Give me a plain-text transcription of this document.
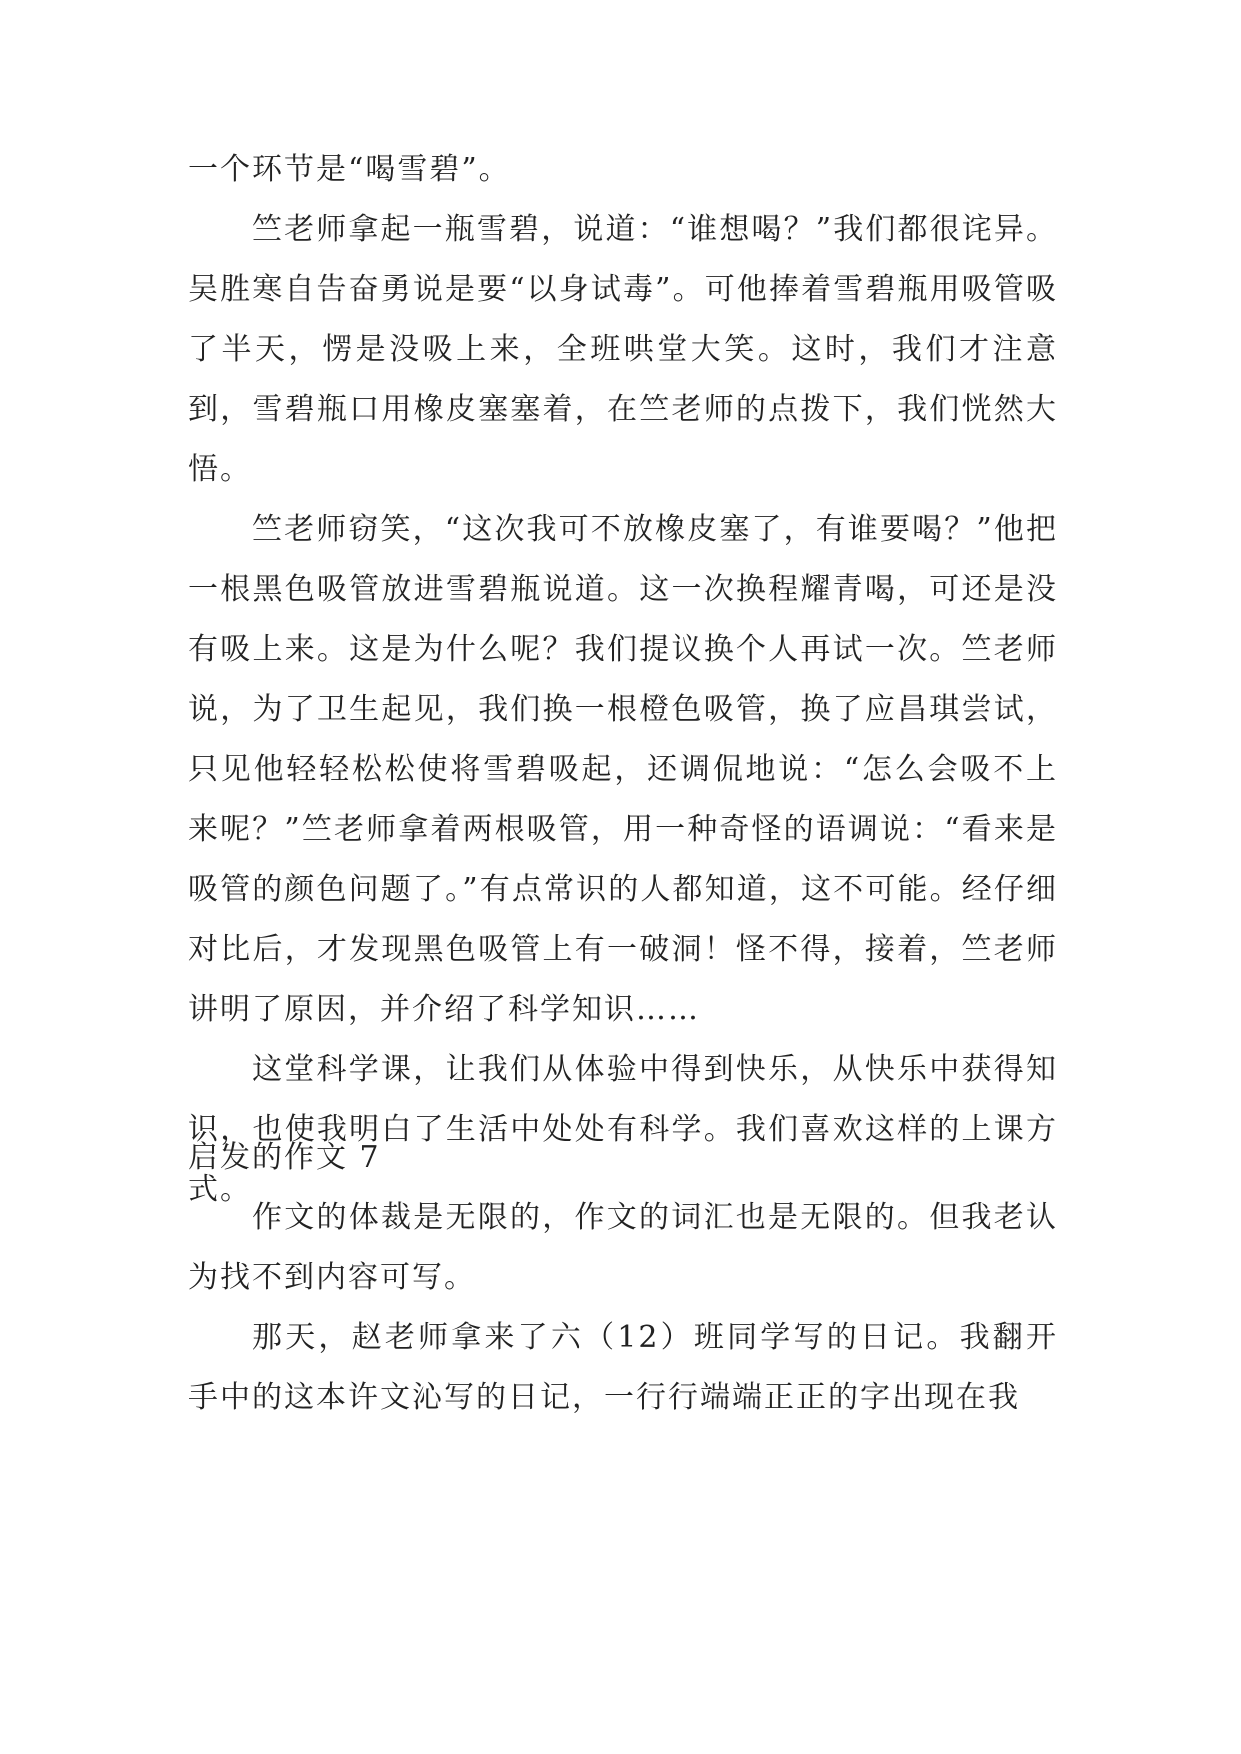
一个环节是“喝雪碧”。

竺老师拿起一瓶雪碧，说道：“谁想喝？”我们都很诧异。吴胜寒自告奋勇说是要“以身试毒”。可他捧着雪碧瓶用吸管吸了半天，愣是没吸上来，全班哄堂大笑。这时，我们才注意到，雪碧瓶口用橡皮塞塞着，在竺老师的点拨下，我们恍然大悟。

竺老师窃笑，“这次我可不放橡皮塞了，有谁要喝？”他把一根黑色吸管放进雪碧瓶说道。这一次换程耀青喝，可还是没有吸上来。这是为什么呢？我们提议换个人再试一次。竺老师说，为了卫生起见，我们换一根橙色吸管，换了应昌琪尝试，只见他轻轻松松使将雪碧吸起，还调侃地说：“怎么会吸不上来呢？”竺老师拿着两根吸管，用一种奇怪的语调说：“看来是吸管的颜色问题了。”有点常识的人都知道，这不可能。经仔细对比后，才发现黑色吸管上有一破洞！怪不得，接着，竺老师讲明了原因，并介绍了科学知识……

这堂科学课，让我们从体验中得到快乐，从快乐中获得知识，也使我明白了生活中处处有科学。我们喜欢这样的上课方式。

启发的作文 7

作文的体裁是无限的，作文的词汇也是无限的。但我老认为找不到内容可写。

那天，赵老师拿来了六（12）班同学写的日记。我翻开手中的这本许文沁写的日记，一行行端端正正的字出现在我
